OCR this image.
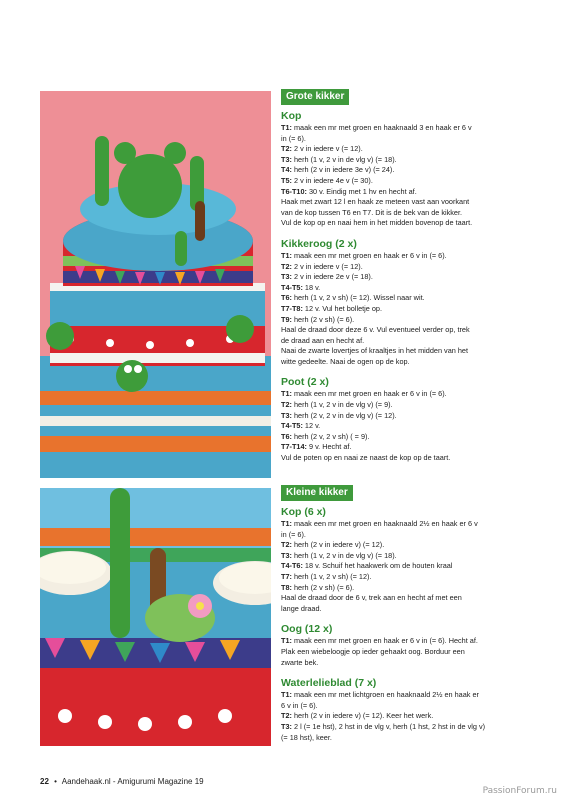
Grote kikker

Kop

T1: maak een mr met groen en haaknaald 3 en haak er 6 v

in (= 6).

T2: 2 v in iedere v (= 12).

T3: herh (1 v, 2 v in de vlg v) (= 18).

T4: herh (2 v in iedere 3e v) (= 24).

T5: 2 v in iedere 4e v (= 30).

T6-T10: 30 v. Eindig met 1 hv en hecht af.

Haak met zwart 12 l en haak ze meteen vast aan voorkant

van de kop tussen T6 en T7. Dit is de bek van de kikker.

Vul de kop op en naai hem in het midden bovenop de taart.

Kikkeroog (2 x)

T1: maak een mr met groen en haak er 6 v in (= 6).

T2: 2 v in iedere v (= 12).

T3: 2 v in iedere 2e v (= 18).

T4-T5: 18 v.

T6: herh (1 v, 2 v sh) (= 12). Wissel naar wit.

T7-T8: 12 v. Vul het bolletje op.

T9: herh (2 v sh) (= 6).

Haal de draad door deze 6 v. Vul eventueel verder op, trek

de draad aan en hecht af.

Naai de zwarte lovertjes of kraaltjes in het midden van het

witte gedeelte. Naai de ogen op de kop.

Poot (2 x)

T1: maak een mr met groen en haak er 6 v in (= 6).

T2: herh (1 v, 2 v in de vlg v) (= 9).

T3: herh (2 v, 2 v in de vlg v) (= 12).

T4-T5: 12 v.

T6: herh (2 v, 2 v sh) ( = 9).

T7-T14: 9 v. Hecht af.

Vul de poten op en naai ze naast de kop op de taart.

Kleine kikker

Kop (6 x)

T1: maak een mr met groen en haaknaald 2½ en haak er 6 v

in (= 6).

T2: herh (2 v in iedere v) (= 12).

T3: herh (1 v, 2 v in de vlg v) (= 18).

T4-T6: 18 v. Schuif het haakwerk om de houten kraal

T7: herh (1 v, 2 v sh) (= 12).

T8: herh (2 v sh) (= 6).

Haal de draad door de 6 v, trek aan en hecht af met een

lange draad.

Oog (12 x)

T1: maak een mr met groen en haak er 6 v in (= 6). Hecht af.

Plak een wiebeloogje op ieder gehaakt oog. Borduur een

zwarte bek.

Waterlelieblad (7 x)

T1: maak een mr met lichtgroen en haaknaald 2½ en haak er

6 v in (= 6).

T2: herh (2 v in iedere v) (= 12). Keer het werk.

T3: 2 l (= 1e hst), 2 hst in de vlg v, herh (1 hst, 2 hst in de vlg v)

(= 18 hst), keer.

22 • Aandehaak.nl - Amigurumi Magazine 19
PassionForum.ru
